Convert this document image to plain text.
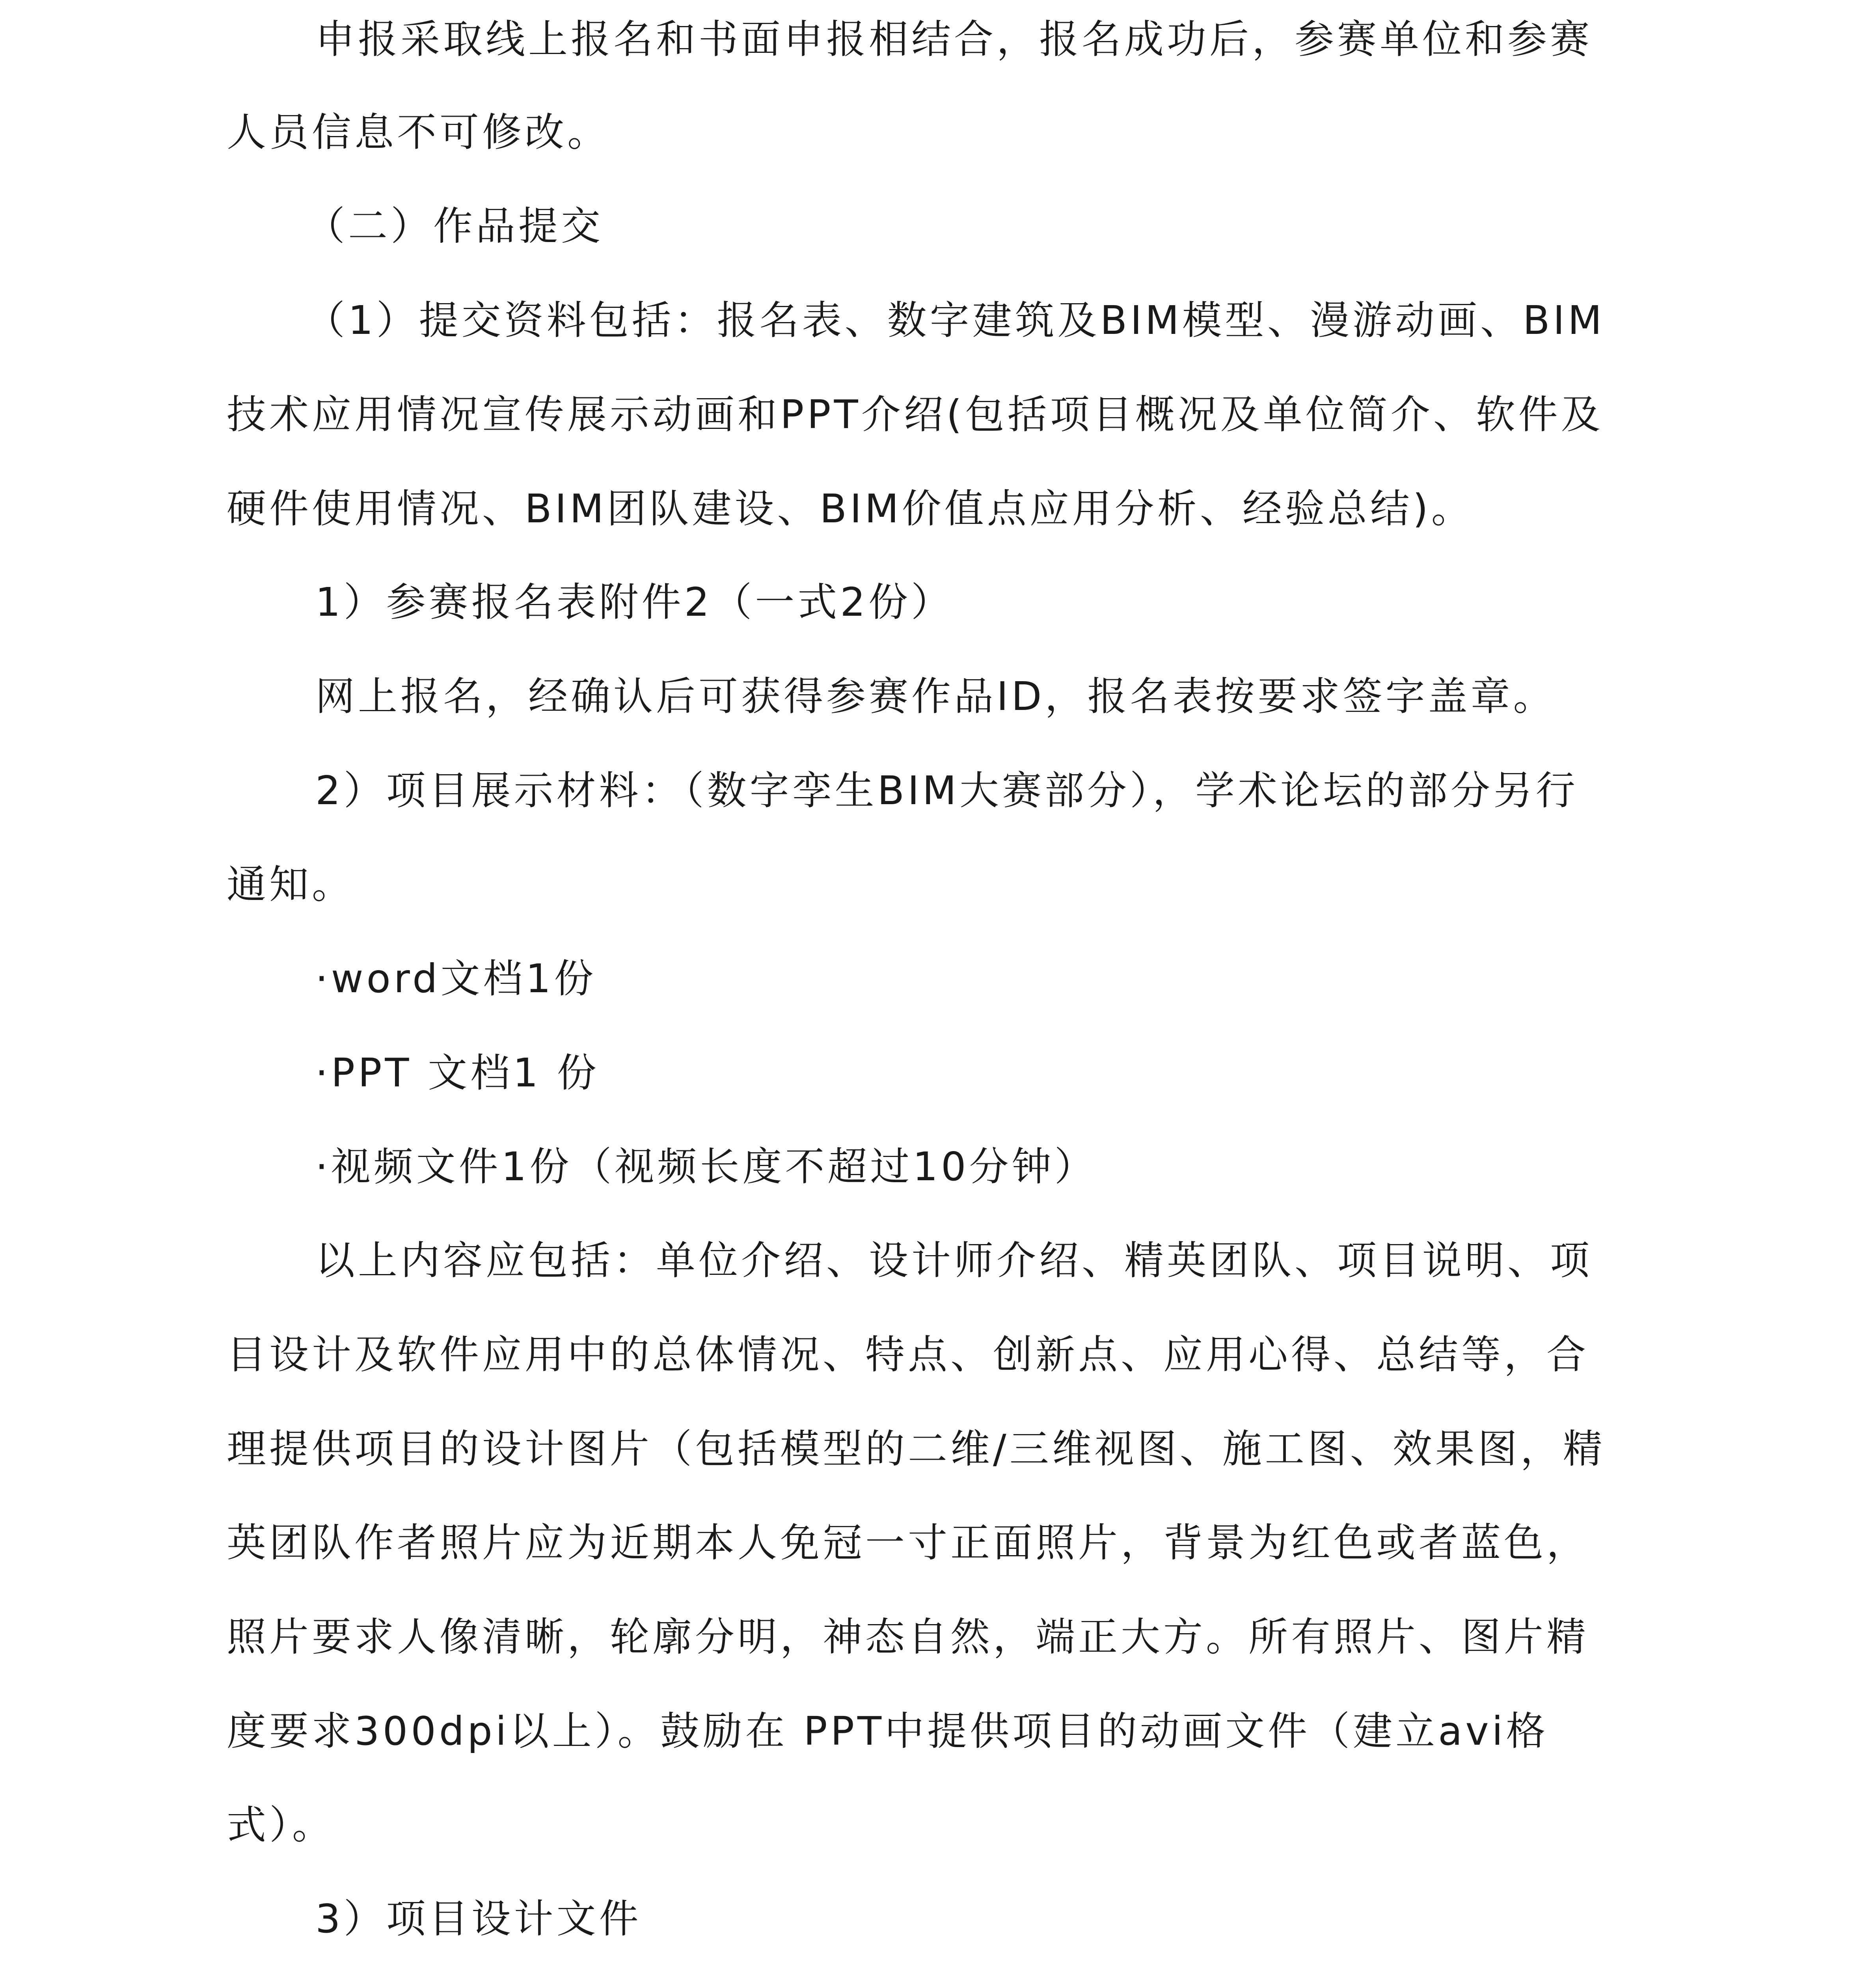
申报采取线上报名和书面申报相结合，报名成功后，参赛单位和参赛
人员信息不可修改。
（二）作品提交
（1）提交资料包括：报名表、数字建筑及BIM模型、漫游动画、BIM
技术应用情况宣传展示动画和PPT介绍(包括项目概况及单位简介、软件及
硬件使用情况、BIM团队建设、BIM价值点应用分析、经验总结)。
1）参赛报名表附件2（一式2份）
网上报名，经确认后可获得参赛作品ID，报名表按要求签字盖章。
2）项目展示材料：（数字孪生BIM大赛部分），学术论坛的部分另行
通知。
·word文档1份
·PPT 文档1 份
·视频文件1份（视频长度不超过10分钟）
以上内容应包括：单位介绍、设计师介绍、精英团队、项目说明、项
目设计及软件应用中的总体情况、特点、创新点、应用心得、总结等，合
理提供项目的设计图片（包括模型的二维/三维视图、施工图、效果图，精
英团队作者照片应为近期本人免冠一寸正面照片，背景为红色或者蓝色，
照片要求人像清晰，轮廓分明，神态自然，端正大方。所有照片、图片精
度要求300dpi以上）。鼓励在 PPT中提供项目的动画文件（建立avi格
式）。
3）项目设计文件
